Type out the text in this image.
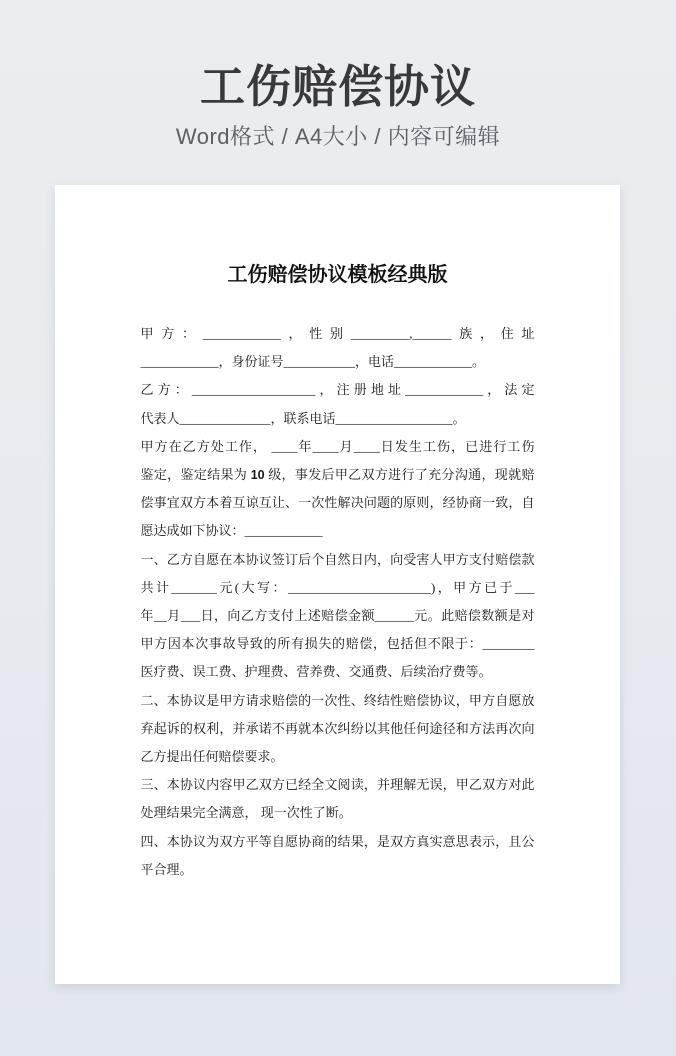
工伤赔偿协议
Word格式 / A4大小 / 内容可编辑
工伤赔偿协议模板经典版
甲方：____________，性别_________,______族，住址
____________，身份证号___________，电话____________。
乙方：___________________，注册地址____________，法定
代表人______________，联系电话__________________。
甲方在乙方处工作， ____年____月____日发生工伤，已进行工伤
鉴定，鉴定结果为 10 级，事发后甲乙双方进行了充分沟通，现就赔
偿事宜双方本着互谅互让、一次性解决问题的原则，经协商一致，自
愿达成如下协议：____________
一、乙方自愿在本协议签订后个自然日内，向受害人甲方支付赔偿款
共计_______元(大写：______________________)，甲方已于___
年__月___日，向乙方支付上述赔偿金额______元。此赔偿数额是对
甲方因本次事故导致的所有损失的赔偿，包括但不限于：________
医疗费、误工费、护理费、营养费、交通费、后续治疗费等。
二、本协议是甲方请求赔偿的一次性、终结性赔偿协议，甲方自愿放
弃起诉的权利，并承诺不再就本次纠纷以其他任何途径和方法再次向
乙方提出任何赔偿要求。
三、本协议内容甲乙双方已经全文阅读，并理解无误，甲乙双方对此
处理结果完全满意， 现一次性了断。
四、本协议为双方平等自愿协商的结果，是双方真实意思表示，且公
平合理。
